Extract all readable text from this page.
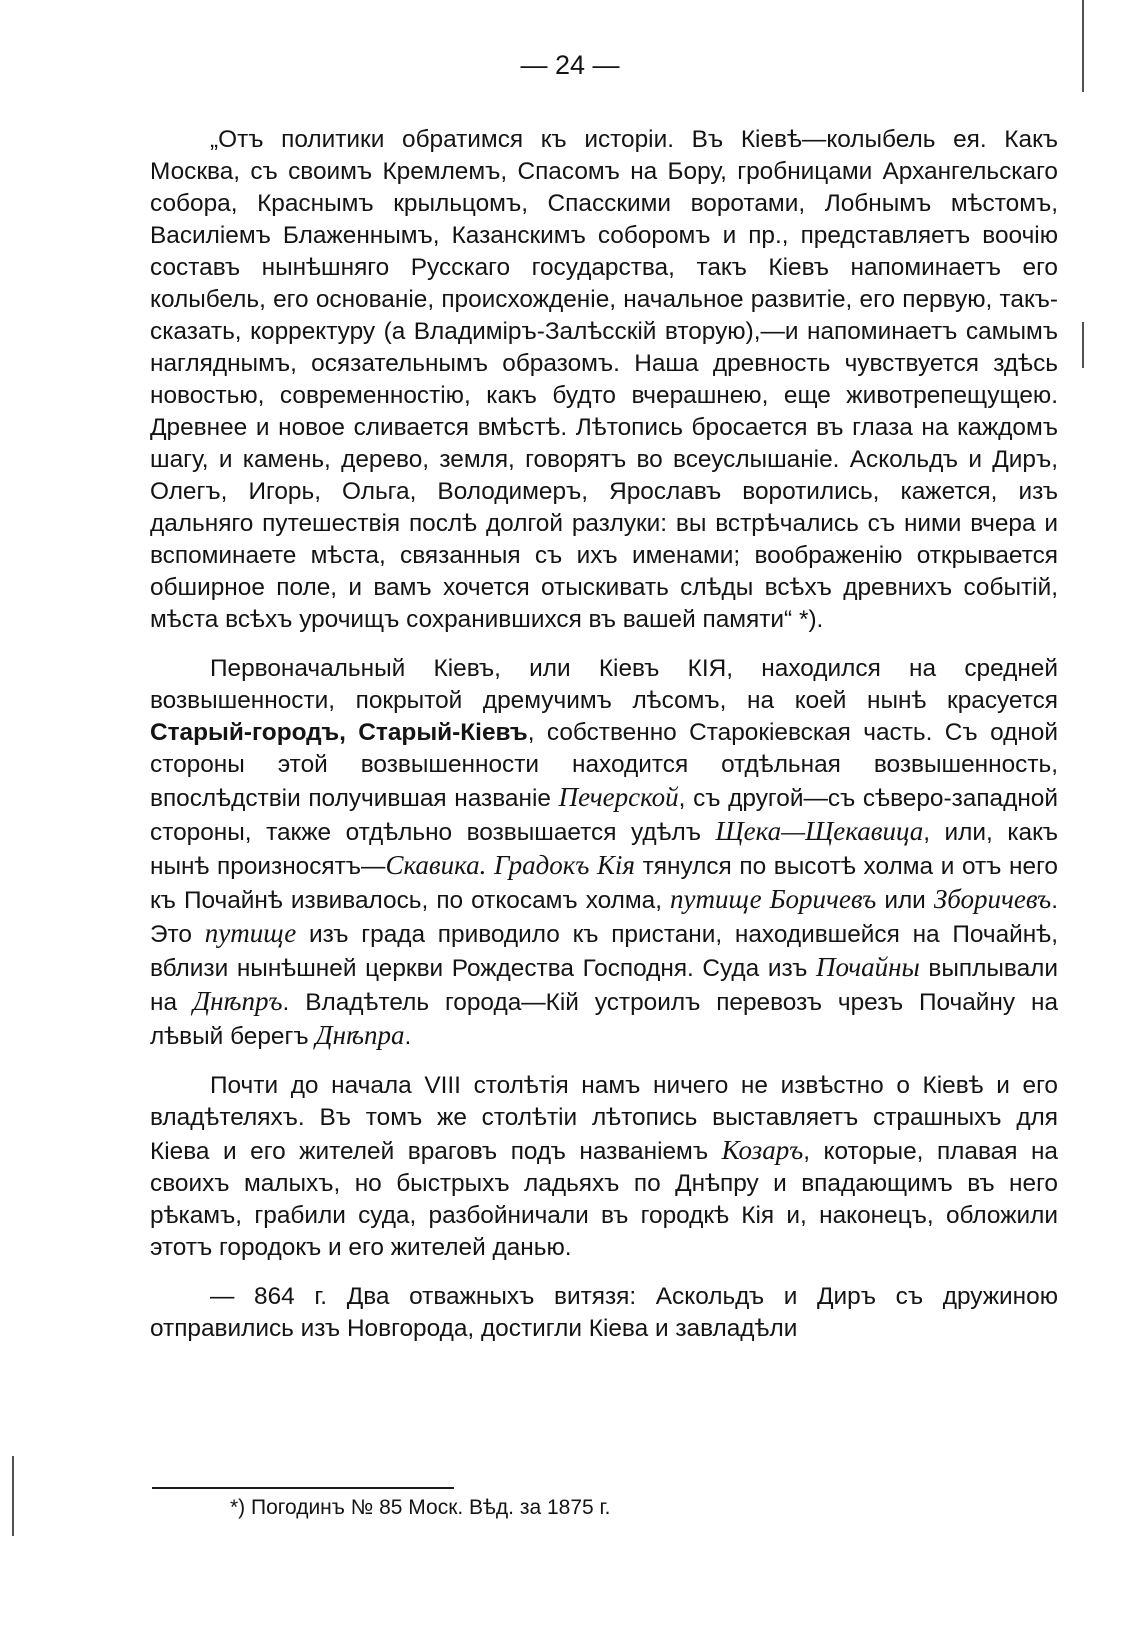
— 24 —

„Отъ политики обратимся къ исторіи. Въ Кіевѣ—колыбель ея. Какъ Москва, съ своимъ Кремлемъ, Спасомъ на Бору, гробницами Архангельскаго собора, Краснымъ крыльцомъ, Спасскими воротами, Лобнымъ мѣстомъ, Василіемъ Блаженнымъ, Казанскимъ соборомъ и пр., представляетъ воочію составъ нынѣшняго Русскаго государства, такъ Кіевъ напоминаетъ его колыбель, его основаніе, происхожденіе, начальное развитіе, его первую, такъ-сказать, корректуру (а Владиміръ-Залѣсскій вторую),—и напоминаетъ самымъ нагляднымъ, осязательнымъ образомъ. Наша древность чувствуется здѣсь новостью, современностію, какъ будто вчерашнею, еще животрепещущею. Древнее и новое сливается вмѣстѣ. Лѣтопись бросается въ глаза на каждомъ шагу, и камень, дерево, земля, говорятъ во всеуслышаніе. Аскольдъ и Диръ, Олегъ, Игорь, Ольга, Володимеръ, Ярославъ воротились, кажется, изъ дальняго путешествія послѣ долгой разлуки: вы встрѣчались съ ними вчера и вспоминаете мѣста, связанныя съ ихъ именами; воображенію открывается обширное поле, и вамъ хочется отыскивать слѣды всѣхъ древнихъ событій, мѣста всѣхъ урочищъ сохранившихся въ вашей памяти“ *).

Первоначальный Кіевъ, или Кіевъ КІЯ, находился на средней возвышенности, покрытой дремучимъ лѣсомъ, на коей нынѣ красуется Старый-городъ, Старый-Кіевъ, собственно Старокіевская часть. Съ одной стороны этой возвышенности находится отдѣльная возвышенность, впослѣдствіи получившая названіе Печерской, съ другой—съ сѣверо-западной стороны, также отдѣльно возвышается удѣлъ Щека—Щекавица, или, какъ нынѣ произносятъ—Скавика. Градокъ Кія тянулся по высотѣ холма и отъ него къ Почайнѣ извивалось, по откосамъ холма, путище Боричевъ или Зборичевъ. Это путище изъ града приводило къ пристани, находившейся на Почайнѣ, вблизи нынѣшней церкви Рождества Господня. Суда изъ Почайны выплывали на Днѣпръ. Владѣтель города—Кій устроилъ перевозъ чрезъ Почайну на лѣвый берегъ Днѣпра.

Почти до начала VIII столѣтія намъ ничего не извѣстно о Кіевѣ и его владѣтеляхъ. Въ томъ же столѣтіи лѣтопись выставляетъ страшныхъ для Кіева и его жителей враговъ подъ названіемъ Козаръ, которые, плавая на своихъ малыхъ, но быстрыхъ ладьяхъ по Днѣпру и впадающимъ въ него рѣкамъ, грабили суда, разбойничали въ городкѣ Кія и, наконецъ, обложили этотъ городокъ и его жителей данью.

— 864 г. Два отважныхъ витязя: Аскольдъ и Диръ съ дружиною отправились изъ Новгорода, достигли Кіева и завладѣли

*) Погодинъ № 85 Моск. Вѣд. за 1875 г.
